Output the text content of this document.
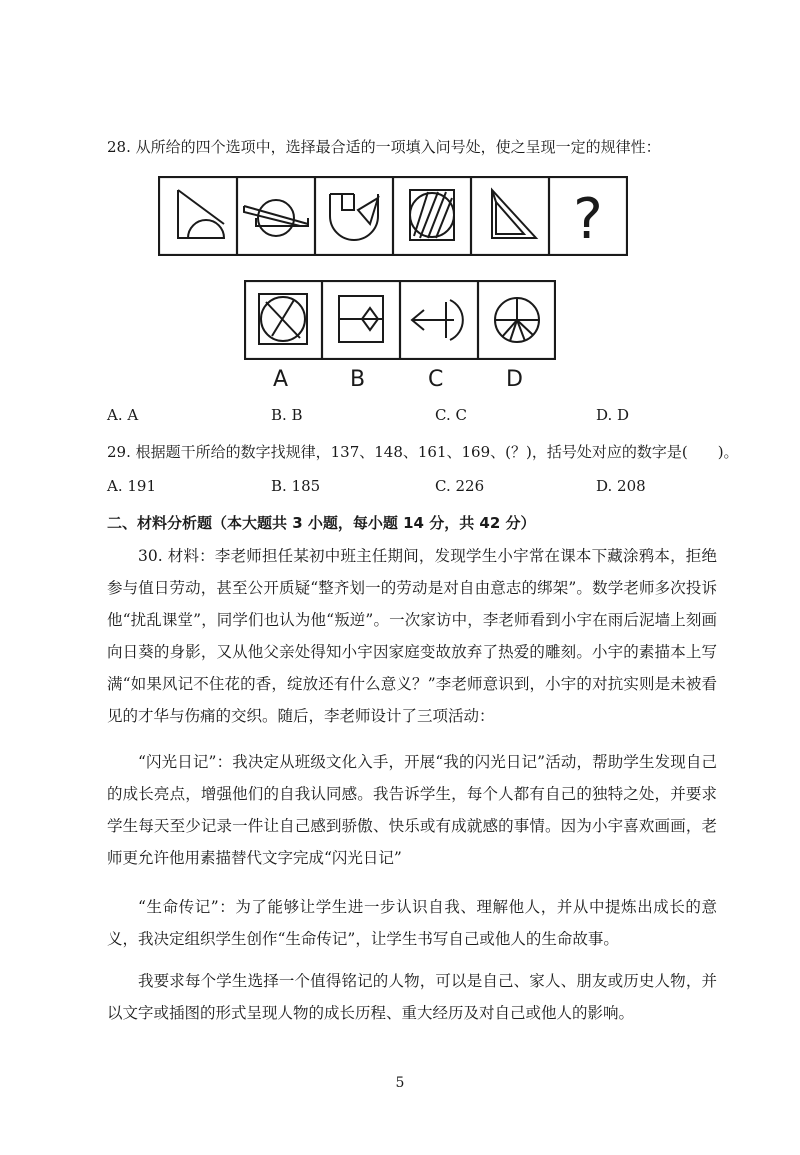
28. 从所给的四个选项中，选择最合适的一项填入问号处，使之呈现一定的规律性：
?
A	B	C	D
A. A	B. B	C. C	D. D
29. 根据题干所给的数字找规律，137、148、161、169、(？)，括号处对应的数字是(　　)。
A. 191	B. 185	C. 226	D. 208
二、材料分析题（本大题共 3 小题，每小题 14 分，共 42 分）
30. 材料：李老师担任某初中班主任期间，发现学生小宇常在课本下藏涂鸦本，拒绝参与值日劳动，甚至公开质疑“整齐划一的劳动是对自由意志的绑架”。数学老师多次投诉他“扰乱课堂”，同学们也认为他“叛逆”。一次家访中，李老师看到小宇在雨后泥墙上刻画向日葵的身影，又从他父亲处得知小宇因家庭变故放弃了热爱的雕刻。小宇的素描本上写满“如果风记不住花的香，绽放还有什么意义？”李老师意识到，小宇的对抗实则是未被看见的才华与伤痛的交织。随后，李老师设计了三项活动：
“闪光日记”：我决定从班级文化入手，开展“我的闪光日记”活动，帮助学生发现自己的成长亮点，增强他们的自我认同感。我告诉学生，每个人都有自己的独特之处，并要求学生每天至少记录一件让自己感到骄傲、快乐或有成就感的事情。因为小宇喜欢画画，老师更允许他用素描替代文字完成“闪光日记”
“生命传记”：为了能够让学生进一步认识自我、理解他人，并从中提炼出成长的意义，我决定组织学生创作“生命传记”，让学生书写自己或他人的生命故事。
我要求每个学生选择一个值得铭记的人物，可以是自己、家人、朋友或历史人物，并以文字或插图的形式呈现人物的成长历程、重大经历及对自己或他人的影响。
5
